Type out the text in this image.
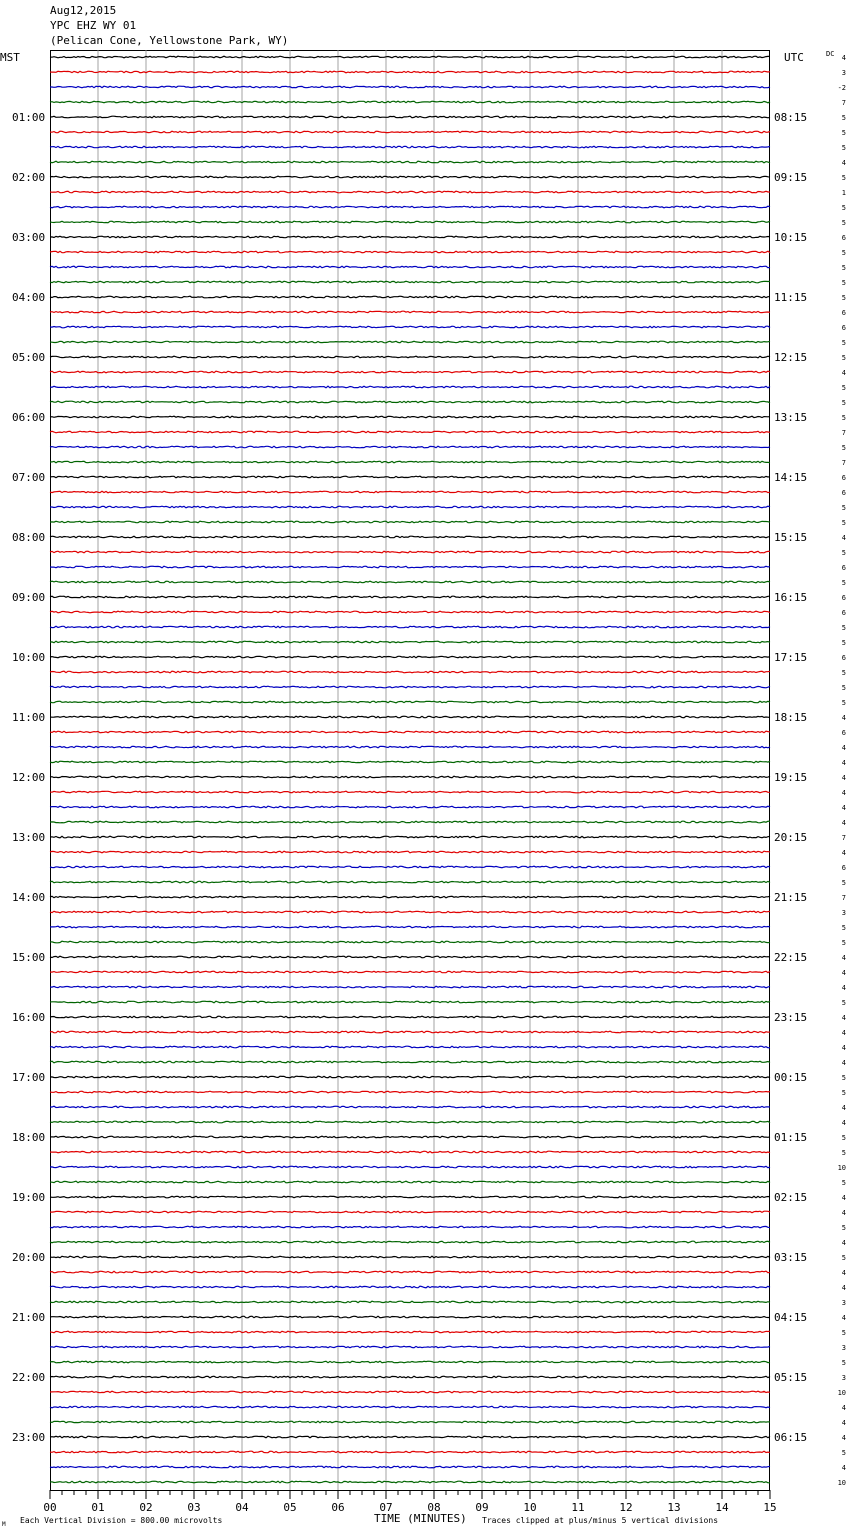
Aug12,2015
YPC EHZ WY 01
(Pelican Cone, Yellowstone Park, WY)
01:00
02:00
03:00
04:00
05:00
06:00
07:00
08:00
09:00
10:00
11:00
12:00
13:00
14:00
15:00
16:00
17:00
18:00
19:00
20:00
21:00
22:00
23:00
08:15
09:15
10:15
11:15
12:15
13:15
14:15
15:15
16:15
17:15
18:15
19:15
20:15
21:15
22:15
23:15
00:15
01:15
02:15
03:15
04:15
05:15
06:15
4
3
-2
7
5
5
5
4
5
1
5
5
6
5
5
5
5
6
6
5
5
4
5
5
5
7
5
7
6
6
5
5
4
5
6
5
6
6
5
5
6
5
5
5
4
6
4
4
4
4
4
4
7
4
6
5
7
3
5
5
4
4
4
5
4
4
4
4
5
5
4
4
5
5
10
5
4
4
5
4
5
4
4
3
4
5
3
5
3
10
4
4
4
5
4
10
00	01	02	03	04	05	06	07	08	09	10	11	12	13	14	15
MST	UTC	DC
TIME (MINUTES)
Each Vertical Division = 800.00 microvolts	Traces clipped at plus/minus 5 vertical divisions
M
